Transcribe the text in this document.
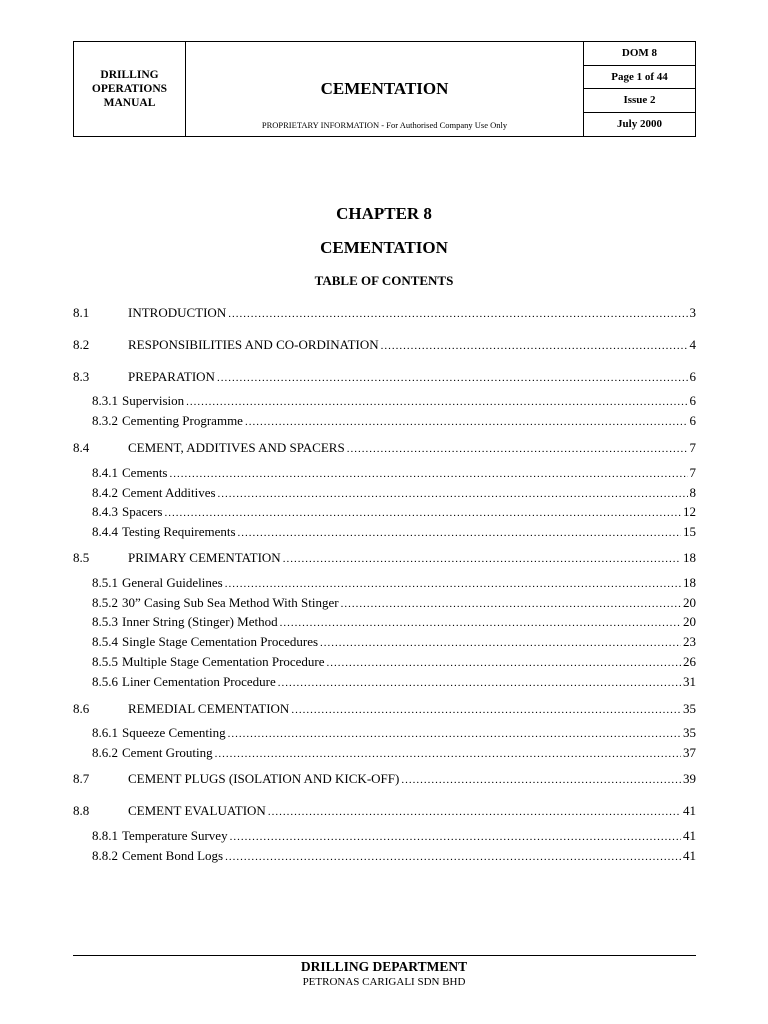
DRILLING
OPERATIONS
MANUAL
CEMENTATION
PROPRIETARY INFORMATION - For Authorised Company Use Only
DOM 8
Page 1 of 44
Issue 2
July 2000
CHAPTER 8
CEMENTATION
TABLE OF CONTENTS
8.1	INTRODUCTION .....	3
8.2	RESPONSIBILITIES AND CO-ORDINATION .....	4
8.3	PREPARATION .....	6
8.3.1 Supervision .....	6
8.3.2 Cementing Programme .....	6
8.4	CEMENT, ADDITIVES AND SPACERS .....	7
8.4.1 Cements .....	7
8.4.2 Cement Additives .....	8
8.4.3 Spacers .....	12
8.4.4 Testing Requirements .....	15
8.5	PRIMARY CEMENTATION .....	18
8.5.1 General Guidelines .....	18
8.5.2 30” Casing Sub Sea Method With Stinger .....	20
8.5.3 Inner String (Stinger) Method .....	20
8.5.4 Single Stage Cementation Procedures .....	23
8.5.5 Multiple Stage Cementation Procedure .....	26
8.5.6 Liner Cementation Procedure .....	31
8.6	REMEDIAL CEMENTATION .....	35
8.6.1 Squeeze Cementing .....	35
8.6.2 Cement Grouting .....	37
8.7	CEMENT PLUGS (ISOLATION AND KICK-OFF) .....	39
8.8	CEMENT EVALUATION .....	41
8.8.1 Temperature Survey .....	41
8.8.2 Cement Bond Logs .....	41
DRILLING DEPARTMENT
PETRONAS CARIGALI SDN BHD
